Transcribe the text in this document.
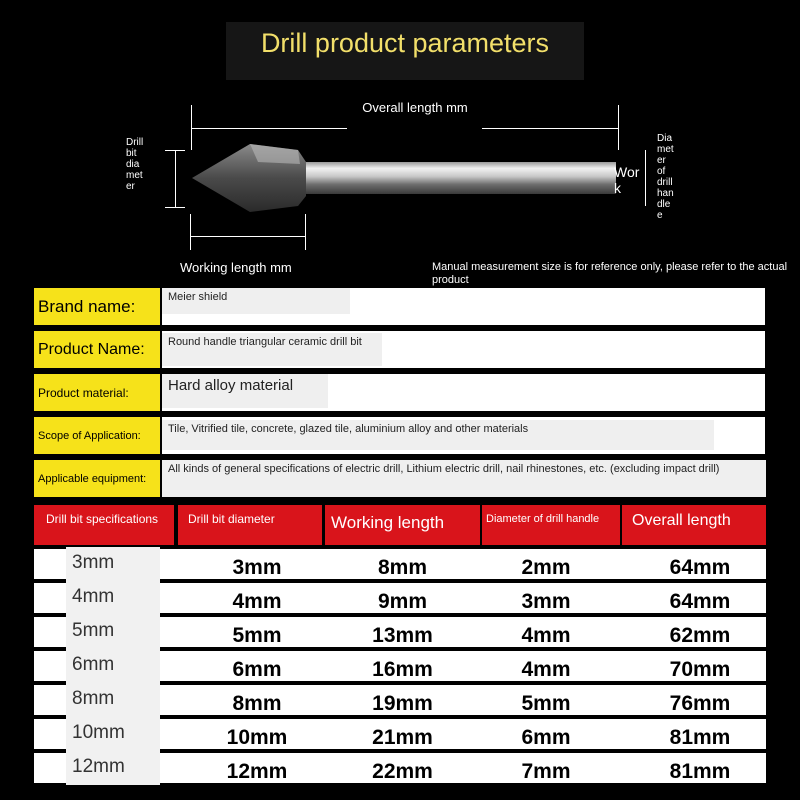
Drill product parameters
Overall length mm
Working length mm
Drill
bit
dia
met
er
Wor
k
Dia
met
er
of
drill
han
dle
e
Manual measurement size is for reference only, please refer to the actual product
Brand name:	Meier shield
Product Name:	Round handle triangular ceramic drill bit
Product material:	Hard alloy material
Scope of Application:
Tile, Vitrified tile, concrete, glazed tile, aluminium alloy and other materials
Applicable equipment:
All kinds of general specifications of electric drill, Lithium electric drill, nail rhinestones, etc. (excluding impact drill)
Drill bit specifications	Drill bit diameter	Working length	Diameter of drill handle	Overall length
3mm	3mm	8mm	2mm	64mm
4mm	4mm	9mm	3mm	64mm
5mm	5mm	13mm	4mm	62mm
6mm	6mm	16mm	4mm	70mm
8mm	8mm	19mm	5mm	76mm
10mm	10mm	21mm	6mm	81mm
12mm	12mm	22mm	7mm	81mm
